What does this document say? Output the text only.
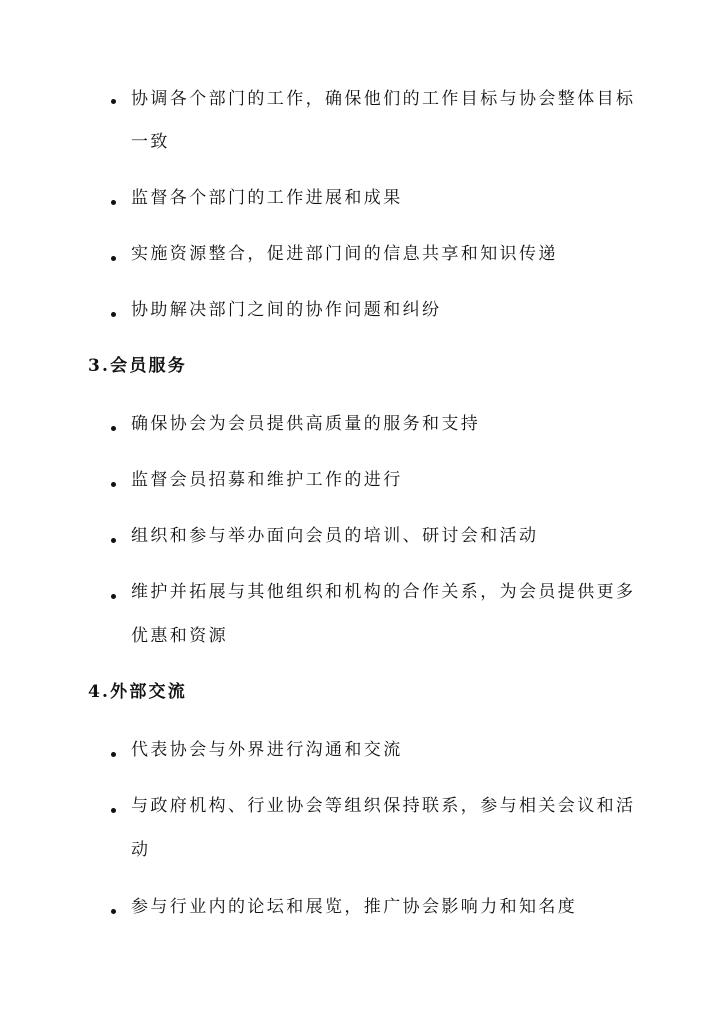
协调各个部门的工作，确保他们的工作目标与协会整体目标
一致
监督各个部门的工作进展和成果
实施资源整合，促进部门间的信息共享和知识传递
协助解决部门之间的协作问题和纠纷
3.会员服务
确保协会为会员提供高质量的服务和支持
监督会员招募和维护工作的进行
组织和参与举办面向会员的培训、研讨会和活动
维护并拓展与其他组织和机构的合作关系，为会员提供更多
优惠和资源
4.外部交流
代表协会与外界进行沟通和交流
与政府机构、行业协会等组织保持联系，参与相关会议和活
动
参与行业内的论坛和展览，推广协会影响力和知名度
